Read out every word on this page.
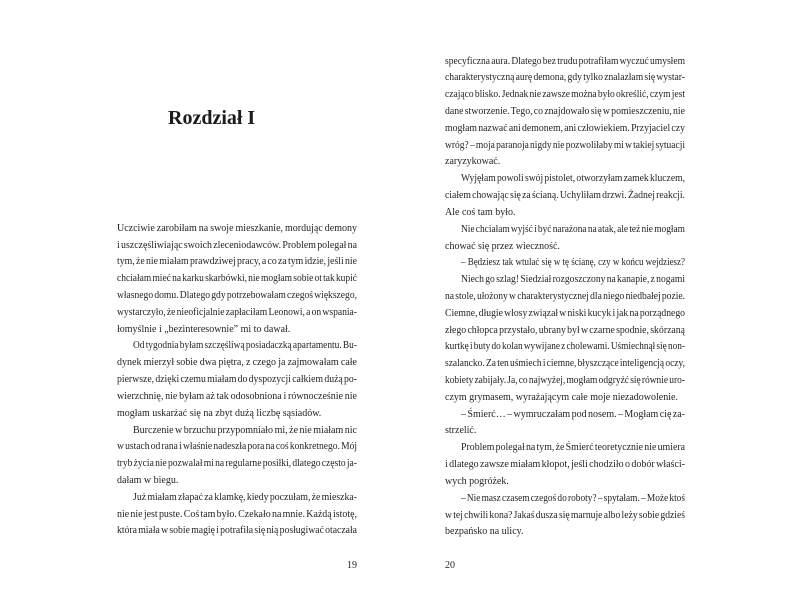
Rozdział I
Uczciwie zarobiłam na swoje mieszkanie, mordując demony
i uszczęśliwiając swoich zleceniodawców. Problem polegał na
tym, że nie miałam prawdziwej pracy, a co za tym idzie, jeśli nie
chciałam mieć na karku skarbówki, nie mogłam sobie ot tak kupić
własnego domu. Dlatego gdy potrzebowałam czegoś większego,
wystarczyło, że nieoficjalnie zapłaciłam Leonowi, a on wspania-
łomyślnie i „bezinteresownie” mi to dawał.
Od tygodnia byłam szczęśliwą posiadaczką apartamentu. Bu-
dynek mierzył sobie dwa piętra, z czego ja zajmowałam całe
pierwsze, dzięki czemu miałam do dyspozycji całkiem dużą po-
wierzchnię, nie byłam aż tak odosobniona i równocześnie nie
mogłam uskarżać się na zbyt dużą liczbę sąsiadów.
Burczenie w brzuchu przypomniało mi, że nie miałam nic
w ustach od rana i właśnie nadeszła pora na coś konkretnego. Mój
tryb życia nie pozwalał mi na regularne posiłki, dlatego często ja-
dałam w biegu.
Już miałam złapać za klamkę, kiedy poczułam, że mieszka-
nie nie jest puste. Coś tam było. Czekało na mnie. Każdą istotę,
która miała w sobie magię i potrafiła się nią posługiwać otaczała
19
specyficzna aura. Dlatego bez trudu potrafiłam wyczuć umysłem
charakterystyczną aurę demona, gdy tylko znalazłam się wystar-
czająco blisko. Jednak nie zawsze można było określić, czym jest
dane stworzenie. Tego, co znajdowało się w pomieszczeniu, nie
mogłam nazwać ani demonem, ani człowiekiem. Przyjaciel czy
wróg? – moja paranoja nigdy nie pozwoliłaby mi w takiej sytuacji
zaryzykować.
Wyjęłam powoli swój pistolet, otworzyłam zamek kluczem,
ciałem chowając się za ścianą. Uchyliłam drzwi. Żadnej reakcji.
Ale coś tam było.
Nie chciałam wyjść i być narażona na atak, ale też nie mogłam
chować się przez wieczność.
– Będziesz tak wtulać się w tę ścianę, czy w końcu wejdziesz?
Niech go szlag! Siedział rozgoszczony na kanapie, z nogami
na stole, ułożony w charakterystycznej dla niego niedbałej pozie.
Ciemne, długie włosy związał w niski kucyk i jak na porządnego
złego chłopca przystało, ubrany był w czarne spodnie, skórzaną
kurtkę i buty do kolan wywijane z cholewami. Uśmiechnął się non-
szalancko. Za ten uśmiech i ciemne, błyszczące inteligencją oczy,
kobiety zabijały. Ja, co najwyżej, mogłam odgryźć się równie uro-
czym grymasem, wyrażającym całe moje niezadowolenie.
– Śmierć… – wymruczałam pod nosem. – Mogłam cię za-
strzelić.
Problem polegał na tym, że Śmierć teoretycznie nie umiera
i dlatego zawsze miałam kłopot, jeśli chodziło o dobór właści-
wych pogróżek.
– Nie masz czasem czegoś do roboty? – spytałam. – Może ktoś
w tej chwili kona? Jakaś dusza się marnuje albo leży sobie gdzieś
bezpańsko na ulicy.
20
